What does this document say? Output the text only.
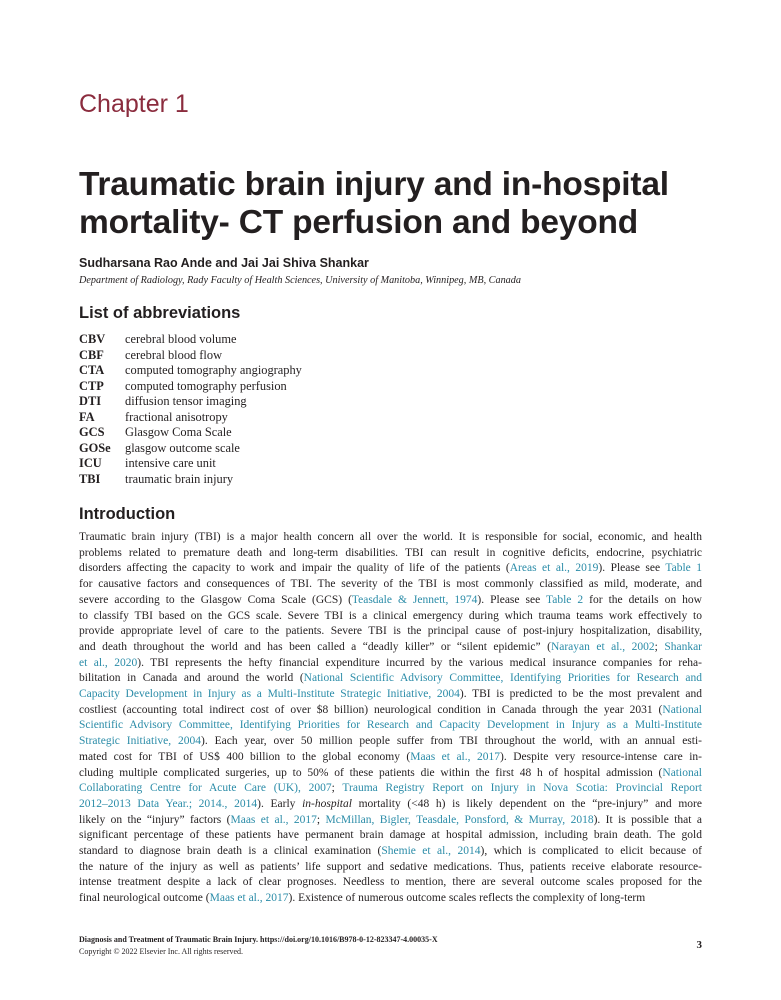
Chapter 1
Traumatic brain injury and in-hospital mortality- CT perfusion and beyond
Sudharsana Rao Ande and Jai Jai Shiva Shankar
Department of Radiology, Rady Faculty of Health Sciences, University of Manitoba, Winnipeg, MB, Canada
List of abbreviations
CBV cerebral blood volume
CBF cerebral blood flow
CTA computed tomography angiography
CTP computed tomography perfusion
DTI diffusion tensor imaging
FA fractional anisotropy
GCS Glasgow Coma Scale
GOSe glasgow outcome scale
ICU intensive care unit
TBI traumatic brain injury
Introduction
Traumatic brain injury (TBI) is a major health concern all over the world. It is responsible for social, economic, and health
problems related to premature death and long-term disabilities. TBI can result in cognitive deficits, endocrine, psychiatric
disorders affecting the capacity to work and impair the quality of life of the patients (Areas et al., 2019). Please see Table 1
for causative factors and consequences of TBI. The severity of the TBI is most commonly classified as mild, moderate, and
severe according to the Glasgow Coma Scale (GCS) (Teasdale & Jennett, 1974). Please see Table 2 for the details on how
to classify TBI based on the GCS scale. Severe TBI is a clinical emergency during which trauma teams work effectively to
provide appropriate level of care to the patients. Severe TBI is the principal cause of post-injury hospitalization, disability,
and death throughout the world and has been called a “deadly killer” or “silent epidemic” (Narayan et al., 2002; Shankar
et al., 2020). TBI represents the hefty financial expenditure incurred by the various medical insurance companies for reha-
bilitation in Canada and around the world (National Scientific Advisory Committee, Identifying Priorities for Research and
Capacity Development in Injury as a Multi-Institute Strategic Initiative, 2004). TBI is predicted to be the most prevalent and
costliest (accounting total indirect cost of over $8 billion) neurological condition in Canada through the year 2031 (National
Scientific Advisory Committee, Identifying Priorities for Research and Capacity Development in Injury as a Multi-Institute
Strategic Initiative, 2004). Each year, over 50 million people suffer from TBI throughout the world, with an annual esti-
mated cost for TBI of US$ 400 billion to the global economy (Maas et al., 2017). Despite very resource-intense care in-
cluding multiple complicated surgeries, up to 50% of these patients die within the first 48 h of hospital admission (National
Collaborating Centre for Acute Care (UK), 2007; Trauma Registry Report on Injury in Nova Scotia: Provincial Report
2012–2013 Data Year.; 2014., 2014). Early in-hospital mortality (<48 h) is likely dependent on the “pre-injury” and more
likely on the “injury” factors (Maas et al., 2017; McMillan, Bigler, Teasdale, Ponsford, & Murray, 2018). It is possible that a
significant percentage of these patients have permanent brain damage at hospital admission, including brain death. The gold
standard to diagnose brain death is a clinical examination (Shemie et al., 2014), which is complicated to elicit because of
the nature of the injury as well as patients’ life support and sedative medications. Thus, patients receive elaborate resource-
intense treatment despite a lack of clear prognoses. Needless to mention, there are several outcome scales proposed for the
final neurological outcome (Maas et al., 2017). Existence of numerous outcome scales reflects the complexity of long-term
Diagnosis and Treatment of Traumatic Brain Injury. https://doi.org/10.1016/B978-0-12-823347-4.00035-X
Copyright © 2022 Elsevier Inc. All rights reserved.
3
